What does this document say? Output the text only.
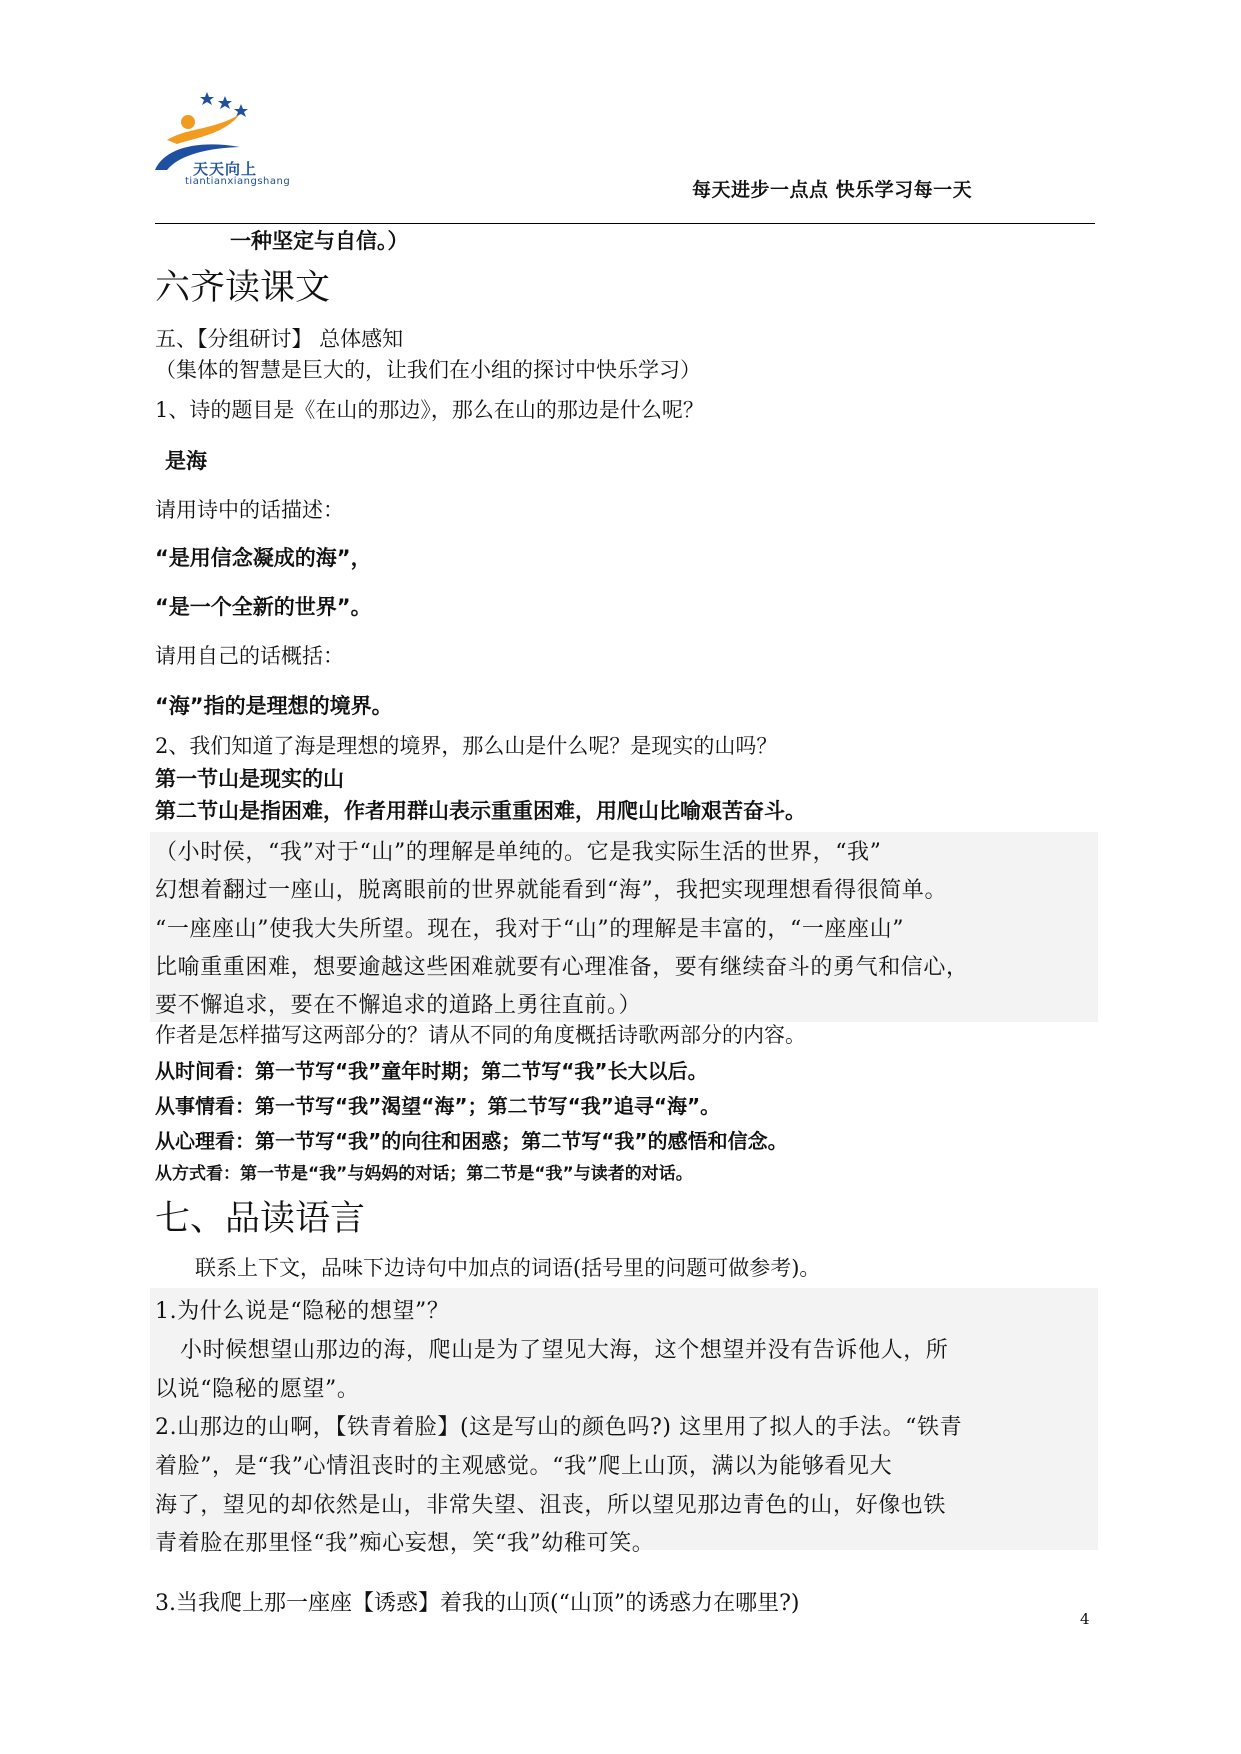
天天向上
tiantianxiangshang	每天进步一点点 快乐学习每一天
一种坚定与自信。）
六齐读课文
五、【分组研讨】 总体感知
（集体的智慧是巨大的，让我们在小组的探讨中快乐学习）
1、诗的题目是《在山的那边》，那么在山的那边是什么呢？
是海
请用诗中的话描述：
“是用信念凝成的海”，
“是一个全新的世界”。
请用自己的话概括：
“海”指的是理想的境界。
2、我们知道了海是理想的境界，那么山是什么呢？是现实的山吗？
第一节山是现实的山
第二节山是指困难，作者用群山表示重重困难，用爬山比喻艰苦奋斗。
（小时侯，“我”对于“山”的理解是单纯的。它是我实际生活的世界，“我”
幻想着翻过一座山，脱离眼前的世界就能看到“海”，我把实现理想看得很简单。
“一座座山”使我大失所望。现在，我对于“山”的理解是丰富的，“一座座山”
比喻重重困难，想要逾越这些困难就要有心理准备，要有继续奋斗的勇气和信心，
要不懈追求，要在不懈追求的道路上勇往直前。）
作者是怎样描写这两部分的？请从不同的角度概括诗歌两部分的内容。
从时间看：第一节写“我”童年时期；第二节写“我”长大以后。
从事情看：第一节写“我”渴望“海”；第二节写“我”追寻“海”。
从心理看：第一节写“我”的向往和困惑；第二节写“我”的感悟和信念。
从方式看：第一节是“我”与妈妈的对话；第二节是“我”与读者的对话。
七、品读语言
联系上下文，品味下边诗句中加点的词语(括号里的问题可做参考)。
1.为什么说是“隐秘的想望”？
小时候想望山那边的海，爬山是为了望见大海，这个想望并没有告诉他人，所
以说“隐秘的愿望”。
2.山那边的山啊，【铁青着脸】(这是写山的颜色吗?) 这里用了拟人的手法。“铁青
着脸”，是“我”心情沮丧时的主观感觉。“我”爬上山顶，满以为能够看见大
海了，望见的却依然是山，非常失望、沮丧，所以望见那边青色的山，好像也铁
青着脸在那里怪“我”痴心妄想，笑“我”幼稚可笑。
3.当我爬上那一座座【诱惑】着我的山顶(“山顶”的诱惑力在哪里?)
4
